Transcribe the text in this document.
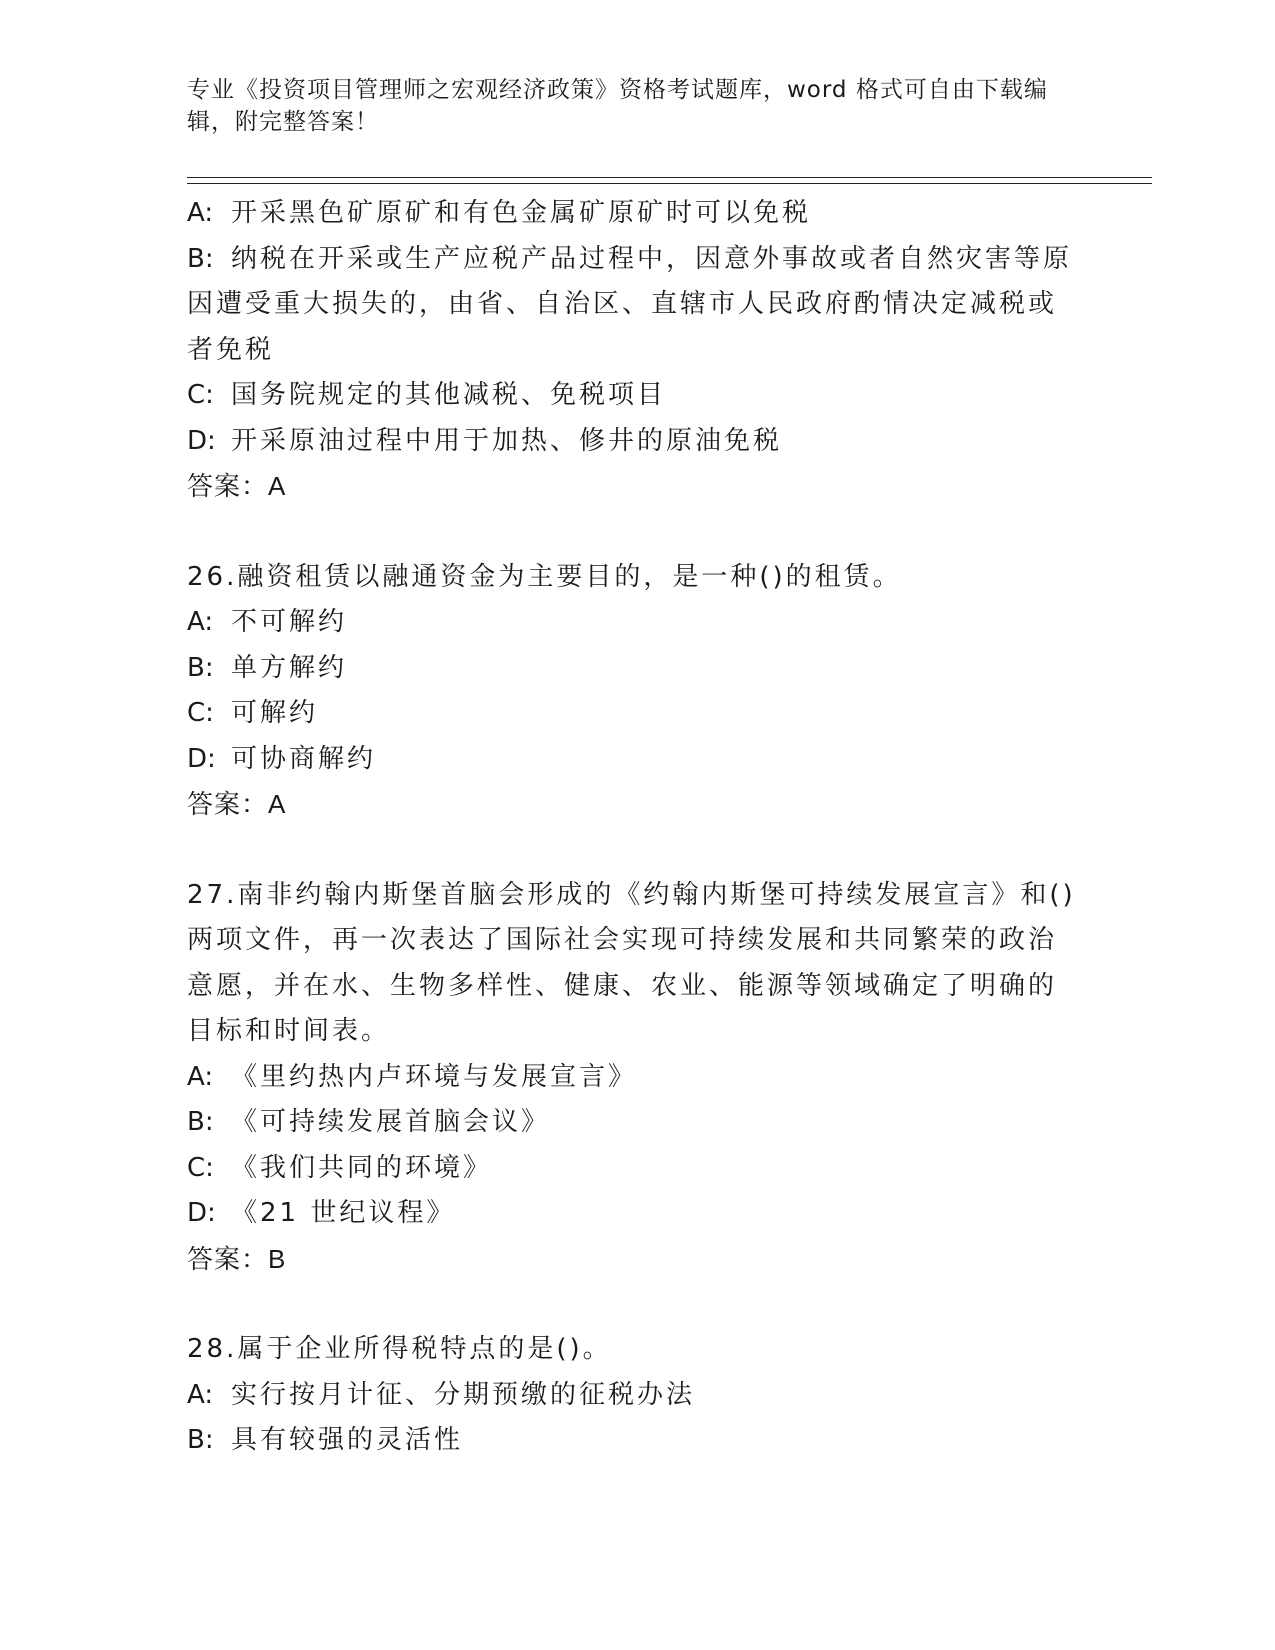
专业《投资项目管理师之宏观经济政策》资格考试题库，word 格式可自由下载编
辑，附完整答案！
A: 开采黑色矿原矿和有色金属矿原矿时可以免税
B: 纳税在开采或生产应税产品过程中，因意外事故或者自然灾害等原
因遭受重大损失的，由省、自治区、直辖市人民政府酌情决定减税或
者免税
C: 国务院规定的其他减税、免税项目
D: 开采原油过程中用于加热、修井的原油免税
答案：A
26.融资租赁以融通资金为主要目的，是一种()的租赁。
A: 不可解约
B: 单方解约
C: 可解约
D: 可协商解约
答案：A
27.南非约翰内斯堡首脑会形成的《约翰内斯堡可持续发展宣言》和()
两项文件，再一次表达了国际社会实现可持续发展和共同繁荣的政治
意愿，并在水、生物多样性、健康、农业、能源等领域确定了明确的
目标和时间表。
A: 《里约热内卢环境与发展宣言》
B: 《可持续发展首脑会议》
C: 《我们共同的环境》
D: 《21 世纪议程》
答案：B
28.属于企业所得税特点的是()。
A: 实行按月计征、分期预缴的征税办法
B: 具有较强的灵活性
